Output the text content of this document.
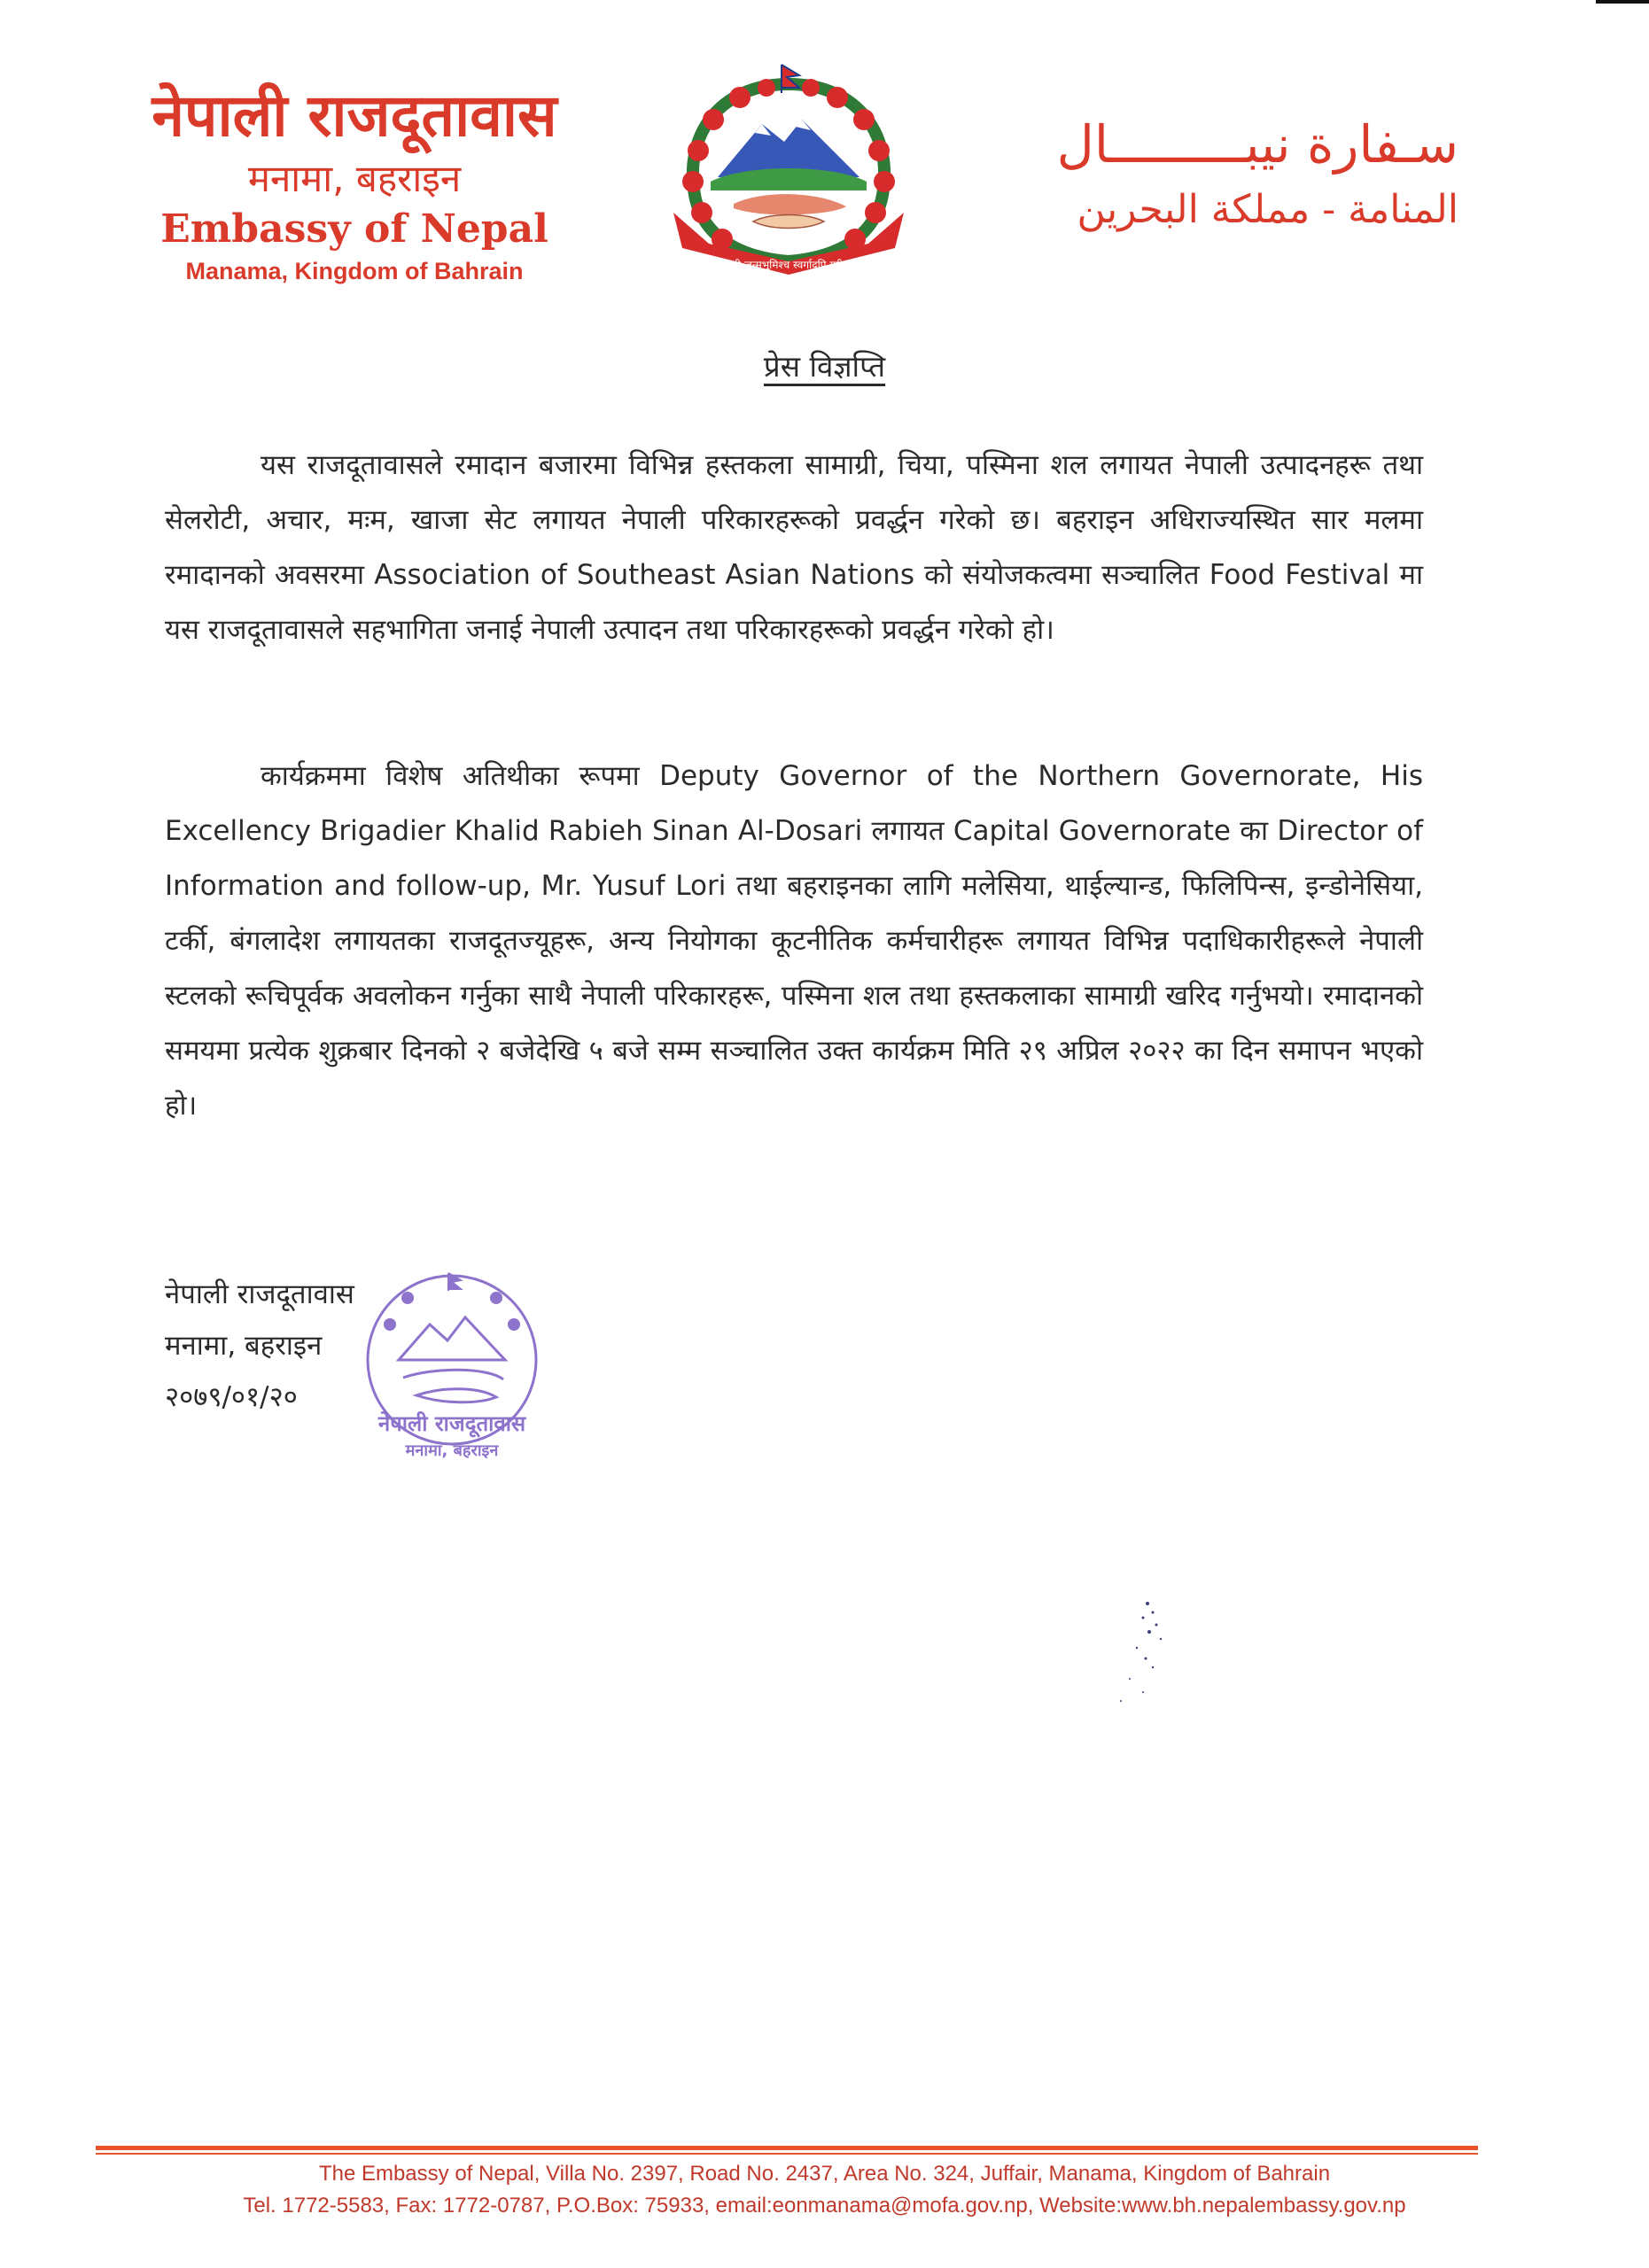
नेपाली राजदूतावास
मनामा, बहराइन
Embassy of Nepal
Manama, Kingdom of Bahrain	जननी जन्मभूमिश्च स्वर्गादपि गरीयसी
سـفارة نيبـــــــــال
المنامة - مملكة البحرين
प्रेस विज्ञप्ति

यस राजदूतावासले रमादान बजारमा विभिन्न हस्तकला सामाग्री, चिया, पस्मिना शल लगायत नेपाली उत्पादनहरू तथा सेलरोटी, अचार, मःम, खाजा सेट लगायत नेपाली परिकारहरूको प्रवर्द्धन गरेको छ। बहराइन अधिराज्यस्थित सार मलमा रमादानको अवसरमा Association of Southeast Asian Nations को संयोजकत्वमा सञ्चालित Food Festival मा यस राजदूतावासले सहभागिता जनाई नेपाली उत्पादन तथा परिकारहरूको प्रवर्द्धन गरेको हो।

कार्यक्रममा विशेष अतिथीका रूपमा Deputy Governor of the Northern Governorate, His Excellency Brigadier Khalid Rabieh Sinan Al-Dosari लगायत Capital Governorate का Director of Information and follow-up, Mr. Yusuf Lori तथा बहराइनका लागि मलेसिया, थाईल्यान्ड, फिलिपिन्स, इन्डोनेसिया, टर्की, बंगलादेश लगायतका राजदूतज्यूहरू, अन्य नियोगका कूटनीतिक कर्मचारीहरू लगायत विभिन्न पदाधिकारीहरूले नेपाली स्टलको रूचिपूर्वक अवलोकन गर्नुका साथै नेपाली परिकारहरू, पस्मिना शल तथा हस्तकलाका सामाग्री खरिद गर्नुभयो। रमादानको समयमा प्रत्येक शुक्रबार दिनको २ बजेदेखि ५ बजे सम्म सञ्चालित उक्त कार्यक्रम मिति २९ अप्रिल २०२२ का दिन समापन भएको हो।

नेपाली राजदूतावास
मनामा, बहराइन
२०७९/०१/२०
नेपाली राजदूतावास
मनामा, बहराइन
The Embassy of Nepal, Villa No. 2397, Road No. 2437, Area No. 324, Juffair, Manama, Kingdom of Bahrain
Tel. 1772-5583, Fax: 1772-0787, P.O.Box: 75933, email:eonmanama@mofa.gov.np, Website:www.bh.nepalembassy.gov.np
